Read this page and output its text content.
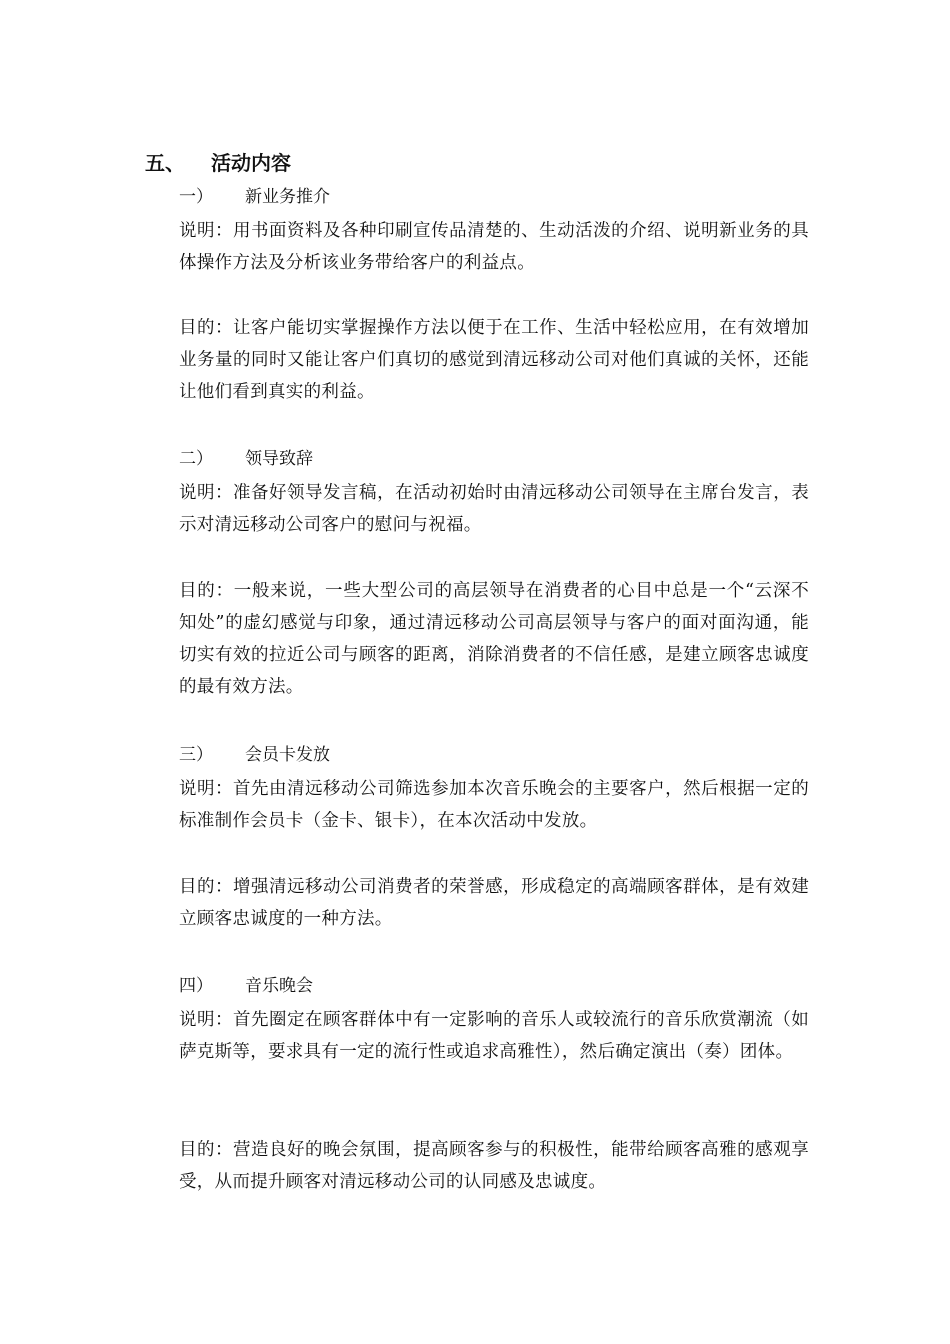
五、 活动内容
一） 新业务推介
说明：用书面资料及各种印刷宣传品清楚的、生动活泼的介绍、说明新业务的具体操作方法及分析该业务带给客户的利益点。
目的：让客户能切实掌握操作方法以便于在工作、生活中轻松应用，在有效增加业务量的同时又能让客户们真切的感觉到清远移动公司对他们真诚的关怀，还能让他们看到真实的利益。
二） 领导致辞
说明：准备好领导发言稿，在活动初始时由清远移动公司领导在主席台发言，表示对清远移动公司客户的慰问与祝福。
目的：一般来说，一些大型公司的高层领导在消费者的心目中总是一个“云深不知处”的虚幻感觉与印象，通过清远移动公司高层领导与客户的面对面沟通，能切实有效的拉近公司与顾客的距离，消除消费者的不信任感，是建立顾客忠诚度的最有效方法。
三） 会员卡发放
说明：首先由清远移动公司筛选参加本次音乐晚会的主要客户，然后根据一定的标准制作会员卡（金卡、银卡），在本次活动中发放。
目的：增强清远移动公司消费者的荣誉感，形成稳定的高端顾客群体，是有效建立顾客忠诚度的一种方法。
四） 音乐晚会
说明：首先圈定在顾客群体中有一定影响的音乐人或较流行的音乐欣赏潮流（如萨克斯等，要求具有一定的流行性或追求高雅性），然后确定演出（奏）团体。
目的：营造良好的晚会氛围，提高顾客参与的积极性，能带给顾客高雅的感观享受，从而提升顾客对清远移动公司的认同感及忠诚度。
